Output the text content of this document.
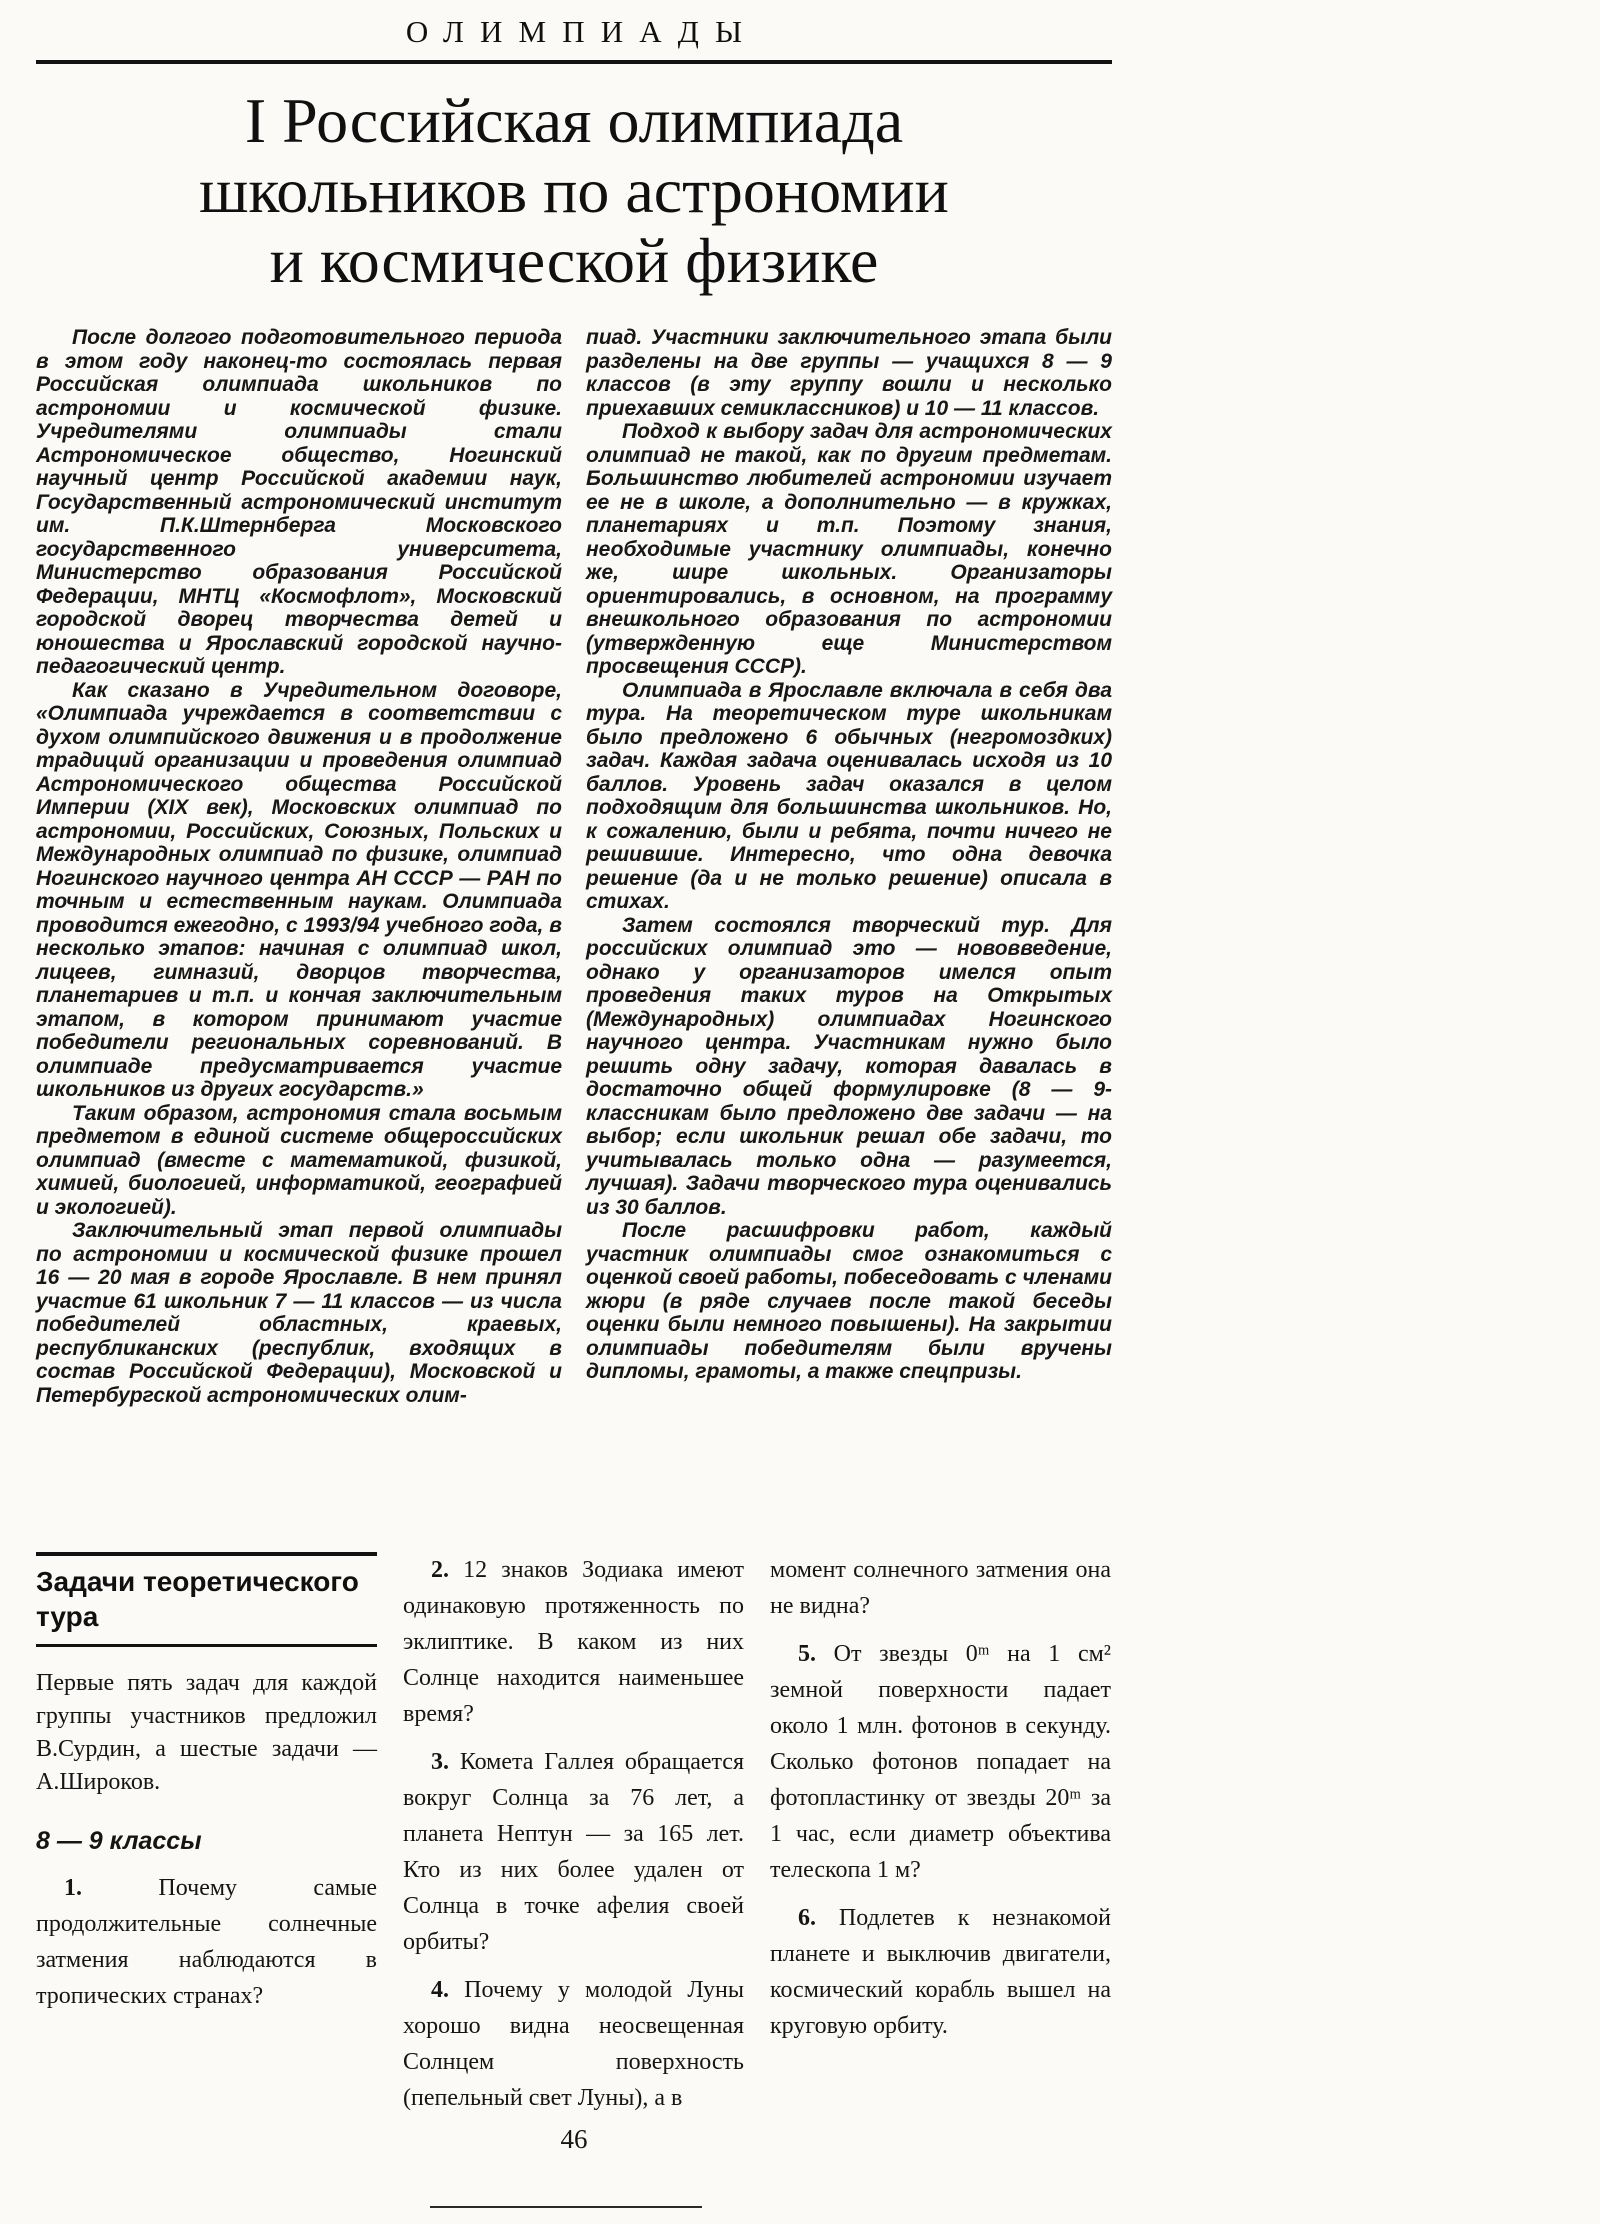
ОЛИМПИАДЫ
I Российская олимпиада
школьников по астрономии
и космической физике

После долгого подготовительного периода в этом году наконец-то состоялась первая Российская олимпиада школьников по астрономии и космической физике. Учредителями олимпиады стали Астрономическое общество, Ногинский научный центр Российской академии наук, Государственный астрономический институт им. П.К.Штернберга Московского государственного университета, Министерство образования Российской Федерации, МНТЦ «Космофлот», Московский городской дворец творчества детей и юношества и Ярославский городской научно-педагогический центр.

Как сказано в Учредительном договоре, «Олимпиада учреждается в соответствии с духом олимпийского движения и в продолжение традиций организации и проведения олимпиад Астрономического общества Российской Империи (XIX век), Московских олимпиад по астрономии, Российских, Союзных, Польских и Международных олимпиад по физике, олимпиад Ногинского научного центра АН СССР — РАН по точным и естественным наукам. Олимпиада проводится ежегодно, с 1993/94 учебного года, в несколько этапов: начиная с олимпиад школ, лицеев, гимназий, дворцов творчества, планетариев и т.п. и кончая заключительным этапом, в котором принимают участие победители региональных соревнований. В олимпиаде предусматривается участие школьников из других государств.»

Таким образом, астрономия стала восьмым предметом в единой системе общероссийских олимпиад (вместе с математикой, физикой, химией, биологией, информатикой, географией и экологией).

Заключительный этап первой олимпиады по астрономии и космической физике прошел 16 — 20 мая в городе Ярославле. В нем принял участие 61 школьник 7 — 11 классов — из числа победителей областных, краевых, республиканских (республик, входящих в состав Российской Федерации), Московской и Петербургской астрономических олим-

пиад. Участники заключительного этапа были разделены на две группы — учащихся 8 — 9 классов (в эту группу вошли и несколько приехавших семиклассников) и 10 — 11 классов.

Подход к выбору задач для астрономических олимпиад не такой, как по другим предметам. Большинство любителей астрономии изучает ее не в школе, а дополнительно — в кружках, планетариях и т.п. Поэтому знания, необходимые участнику олимпиады, конечно же, шире школьных. Организаторы ориентировались, в основном, на программу внешкольного образования по астрономии (утвержденную еще Министерством просвещения СССР).

Олимпиада в Ярославле включала в себя два тура. На теоретическом туре школьникам было предложено 6 обычных (негромоздких) задач. Каждая задача оценивалась исходя из 10 баллов. Уровень задач оказался в целом подходящим для большинства школьников. Но, к сожалению, были и ребята, почти ничего не решившие. Интересно, что одна девочка решение (да и не только решение) описала в стихах.

Затем состоялся творческий тур. Для российских олимпиад это — нововведение, однако у организаторов имелся опыт проведения таких туров на Открытых (Международных) олимпиадах Ногинского научного центра. Участникам нужно было решить одну задачу, которая давалась в достаточно общей формулировке (8 — 9- классникам было предложено две задачи — на выбор; если школьник решал обе задачи, то учитывалась только одна — разумеется, лучшая). Задачи творческого тура оценивались из 30 баллов.

После расшифровки работ, каждый участник олимпиады смог ознакомиться с оценкой своей работы, побеседовать с членами жюри (в ряде случаев после такой беседы оценки были немного повышены). На закрытии олимпиады победителям были вручены дипломы, грамоты, а также спецпризы.

Задачи теоретического тура

Первые пять задач для каждой группы участников предложил В.Сурдин, а шестые задачи — А.Широков.

8 — 9 классы

1.	Почему самые продолжительные солнечные затмения наблюдаются в тропических странах?

2. 12 знаков Зодиака имеют одинаковую протяженность по эклиптике. В каком из них Солнце находится наименьшее время?

3. Комета Галлея обращается вокруг Солнца за 76 лет, а планета Нептун — за 165 лет. Кто из них более удален от Солнца в точке афелия своей орбиты?

4. Почему у молодой Луны хорошо видна неосвещенная Солнцем поверхность (пепельный свет Луны), а в

момент солнечного затмения она не видна?

5. От звезды 0ᵐ на 1 см² земной поверхности падает около 1 млн. фотонов в секунду. Сколько фотонов попадает на фотопластинку от звезды 20ᵐ за 1 час, если диаметр объектива телескопа 1 м?

6. Подлетев к незнакомой планете и выключив двигатели, космический корабль вышел на круговую орбиту.

46
